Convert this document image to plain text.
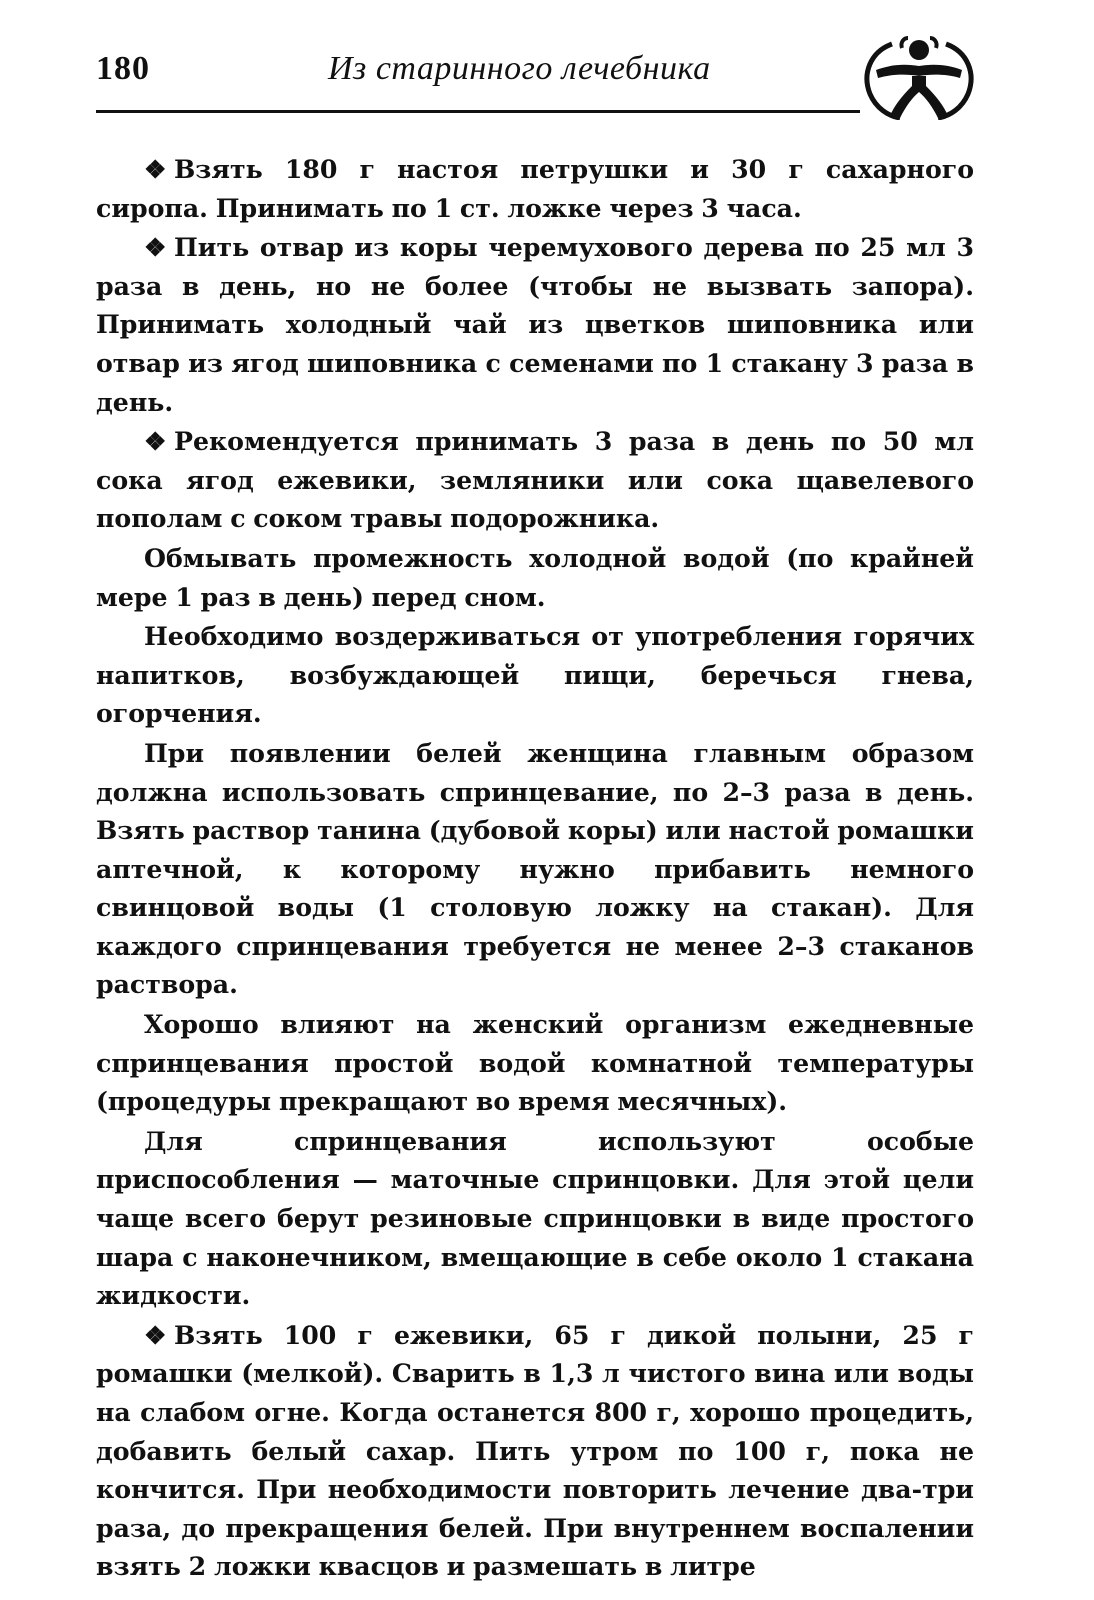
180	Из старинного лечебника

❖ Взять 180 г настоя петрушки и 30 г сахарного сиропа. Принимать по 1 ст. ложке через 3 часа.

❖ Пить отвар из коры черемухового дерева по 25 мл 3 раза в день, но не более (чтобы не вызвать запора). Принимать холодный чай из цветков шиповника или отвар из ягод шиповника с семенами по 1 стакану 3 раза в день.

❖ Рекомендуется принимать 3 раза в день по 50 мл сока ягод ежевики, земляники или сока щавелевого пополам с соком травы подорожника.

Обмывать промежность холодной водой (по крайней мере 1 раз в день) перед сном.

Необходимо воздерживаться от употребления горячих напитков, возбуждающей пищи, беречься гнева, огорчения.

При появлении белей женщина главным образом должна использовать спринцевание, по 2–3 раза в день. Взять раствор танина (дубовой коры) или настой ромашки аптечной, к которому нужно прибавить немного свинцовой воды (1 столовую ложку на стакан). Для каждого спринцевания требуется не менее 2–3 стаканов раствора.

Хорошо влияют на женский организм ежедневные спринцевания простой водой комнатной температуры (процедуры прекращают во время месячных).

Для спринцевания используют особые приспособления — маточные спринцовки. Для этой цели чаще всего берут резиновые спринцовки в виде простого шара с наконечником, вмещающие в себе около 1 стакана жидкости.

❖ Взять 100 г ежевики, 65 г дикой полыни, 25 г ромашки (мелкой). Сварить в 1,3 л чистого вина или воды на слабом огне. Когда останется 800 г, хорошо процедить, добавить белый сахар. Пить утром по 100 г, пока не кончится. При необходимости повторить лечение два-три раза, до прекращения белей. При внутреннем воспалении взять 2 ложки квасцов и размешать в литре
